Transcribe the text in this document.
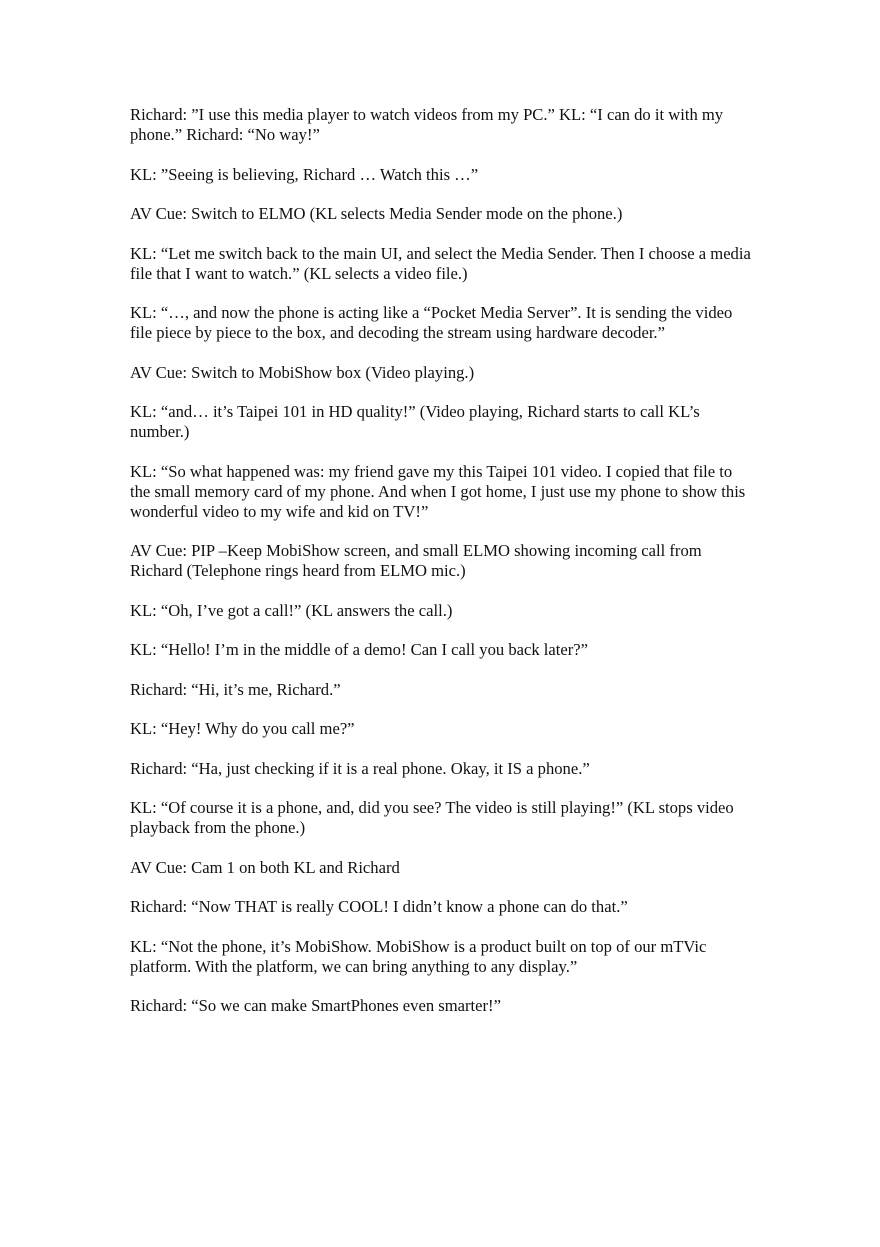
Richard: ”I use this media player to watch videos from my PC.” KL: “I can do it with my phone.” Richard: “No way!”

KL: ”Seeing is believing, Richard … Watch this …”

AV Cue: Switch to ELMO (KL selects Media Sender mode on the phone.)

KL: “Let me switch back to the main UI, and select the Media Sender. Then I choose a media file that I want to watch.” (KL selects a video file.)

KL: “…, and now the phone is acting like a “Pocket Media Server”. It is sending the video file piece by piece to the box, and decoding the stream using hardware decoder.”

AV Cue: Switch to MobiShow box (Video playing.)

KL: “and… it’s Taipei 101 in HD quality!” (Video playing, Richard starts to call KL’s number.)

KL: “So what happened was: my friend gave my this Taipei 101 video. I copied that file to the small memory card of my phone. And when I got home, I just use my phone to show this wonderful video to my wife and kid on TV!”

AV Cue: PIP –Keep MobiShow screen, and small ELMO showing incoming call from Richard (Telephone rings heard from ELMO mic.)

KL: “Oh, I’ve got a call!” (KL answers the call.)

KL: “Hello! I’m in the middle of a demo! Can I call you back later?”

Richard: “Hi, it’s me, Richard.”

KL: “Hey! Why do you call me?”

Richard: “Ha, just checking if it is a real phone. Okay, it IS a phone.”

KL: “Of course it is a phone, and, did you see? The video is still playing!” (KL stops video playback from the phone.)

AV Cue: Cam 1 on both KL and Richard

Richard: “Now THAT is really COOL! I didn’t know a phone can do that.”

KL: “Not the phone, it’s MobiShow. MobiShow is a product built on top of our mTVic platform. With the platform, we can bring anything to any display.”

Richard: “So we can make SmartPhones even smarter!”
